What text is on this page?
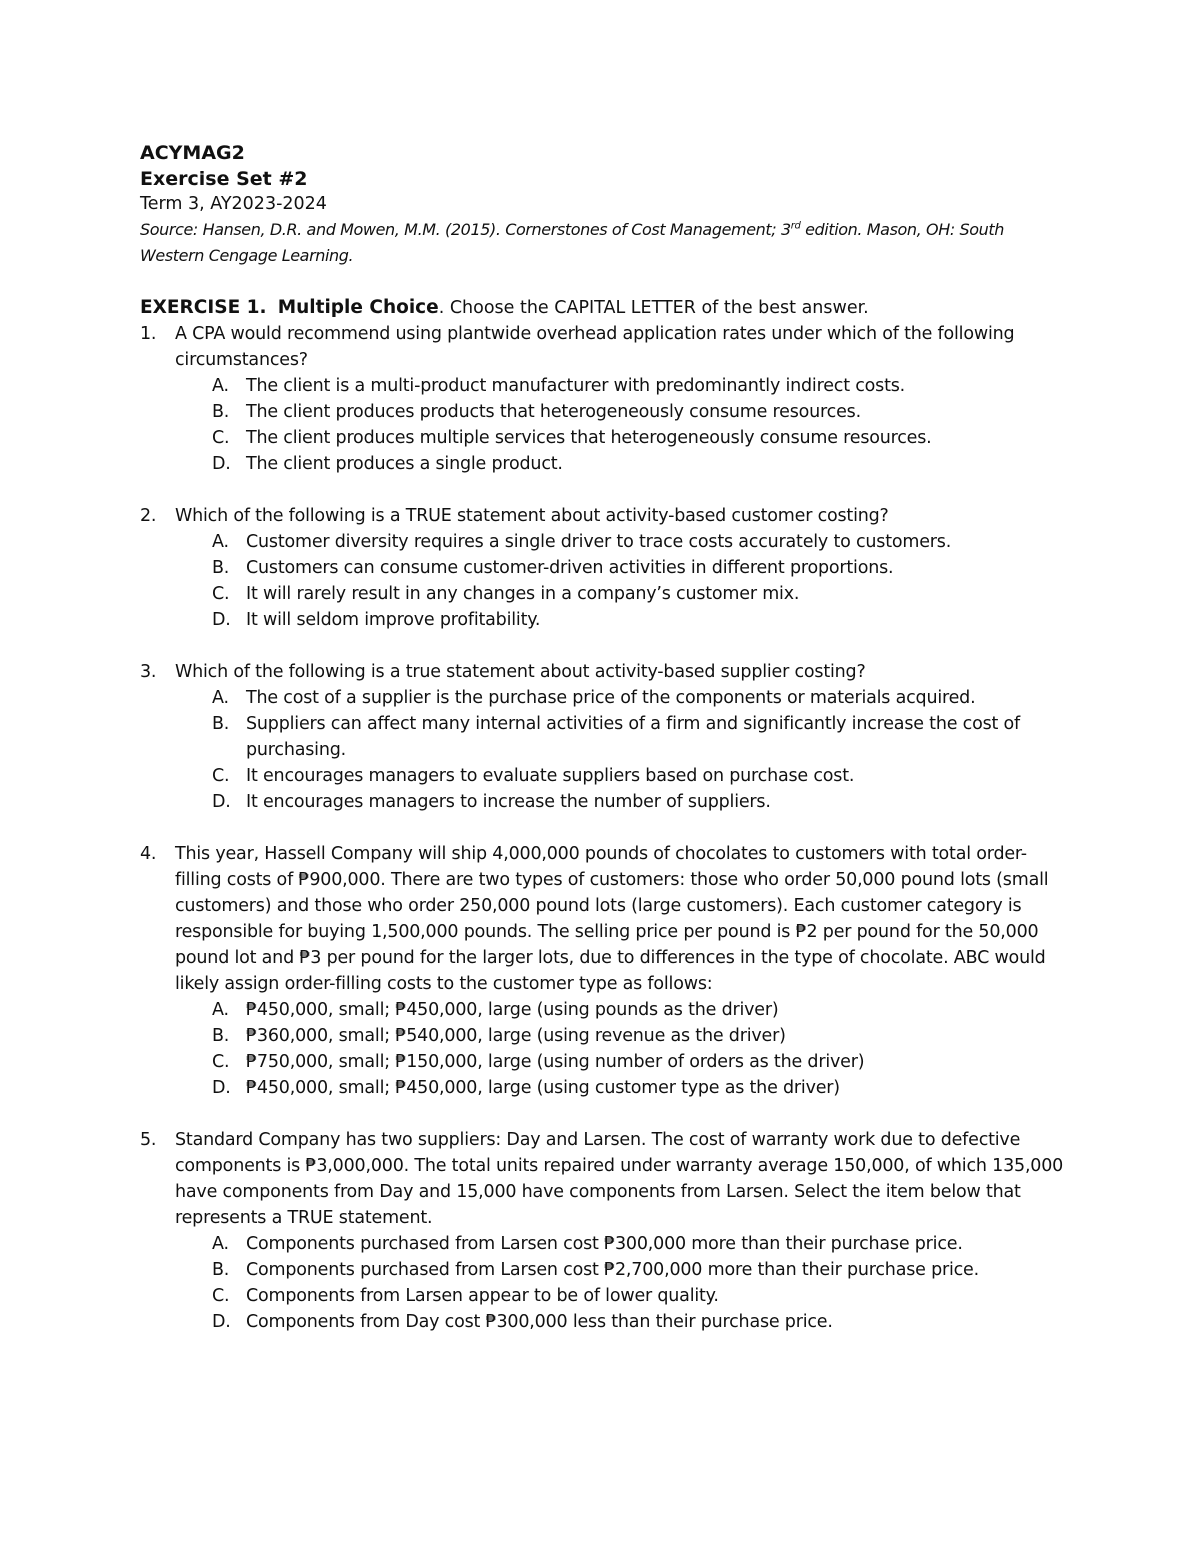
ACYMAG2
Exercise Set #2
Term 3, AY2023-2024
Source: Hansen, D.R. and Mowen, M.M. (2015). Cornerstones of Cost Management; 3rd edition. Mason, OH: South Western Cengage Learning.
EXERCISE 1. Multiple Choice. Choose the CAPITAL LETTER of the best answer.
1. A CPA would recommend using plantwide overhead application rates under which of the following circumstances?
A. The client is a multi-product manufacturer with predominantly indirect costs.
B. The client produces products that heterogeneously consume resources.
C. The client produces multiple services that heterogeneously consume resources.
D. The client produces a single product.
2. Which of the following is a TRUE statement about activity-based customer costing?
A. Customer diversity requires a single driver to trace costs accurately to customers.
B. Customers can consume customer-driven activities in different proportions.
C. It will rarely result in any changes in a company’s customer mix.
D. It will seldom improve profitability.
3. Which of the following is a true statement about activity-based supplier costing?
A. The cost of a supplier is the purchase price of the components or materials acquired.
B. Suppliers can affect many internal activities of a firm and significantly increase the cost of purchasing.
C. It encourages managers to evaluate suppliers based on purchase cost.
D. It encourages managers to increase the number of suppliers.
4. This year, Hassell Company will ship 4,000,000 pounds of chocolates to customers with total order-filling costs of ₱900,000. There are two types of customers: those who order 50,000 pound lots (small customers) and those who order 250,000 pound lots (large customers). Each customer category is responsible for buying 1,500,000 pounds. The selling price per pound is ₱2 per pound for the 50,000 pound lot and ₱3 per pound for the larger lots, due to differences in the type of chocolate. ABC would likely assign order-filling costs to the customer type as follows:
A. ₱450,000, small; ₱450,000, large (using pounds as the driver)
B. ₱360,000, small; ₱540,000, large (using revenue as the driver)
C. ₱750,000, small; ₱150,000, large (using number of orders as the driver)
D. ₱450,000, small; ₱450,000, large (using customer type as the driver)
5. Standard Company has two suppliers: Day and Larsen. The cost of warranty work due to defective components is ₱3,000,000. The total units repaired under warranty average 150,000, of which 135,000 have components from Day and 15,000 have components from Larsen. Select the item below that represents a TRUE statement.
A. Components purchased from Larsen cost ₱300,000 more than their purchase price.
B. Components purchased from Larsen cost ₱2,700,000 more than their purchase price.
C. Components from Larsen appear to be of lower quality.
D. Components from Day cost ₱300,000 less than their purchase price.
